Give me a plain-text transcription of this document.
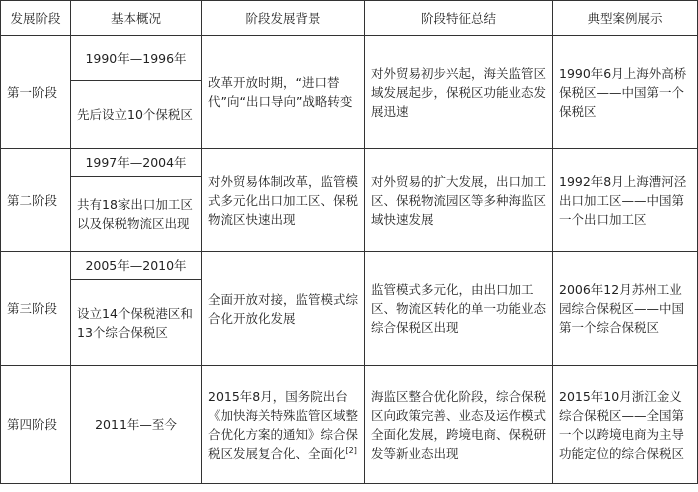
发展阶段	基本概况	阶段发展背景	阶段特征总结	典型案例展示
第一阶段	1990年—1996年	改革开放时期，“进口替代”向“出口导向”战略转变	对外贸易初步兴起，海关监管区域发展起步，保税区功能业态发展迅速	1990年6月上海外高桥保税区——中国第一个保税区
	先后设立10个保税区			
第二阶段	1997年—2004年	对外贸易体制改革，监管模式多元化出口加工区、保税物流区快速出现	对外贸易的扩大发展，出口加工区、保税物流园区等多种海监区域快速发展	1992年8月上海漕河泾出口加工区——中国第一个出口加工区
	共有18家出口加工区以及保税物流区出现			
第三阶段	2005年—2010年	全面开放对接，监管模式综合化开放化发展	监管模式多元化，由出口加工区、物流区转化的单一功能业态综合保税区出现	2006年12月苏州工业园综合保税区——中国第一个综合保税区
	设立14个保税港区和13个综合保税区			
第四阶段	2011年—至今	2015年8月，国务院出台《加快海关特殊监管区域整合优化方案的通知》综合保税区发展复合化、全面化[2]	海监区整合优化阶段，综合保税区向政策完善、业态及运作模式全面化发展，跨境电商、保税研发等新业态出现	2015年10月浙江金义综合保税区——全国第一个以跨境电商为主导功能定位的综合保税区
